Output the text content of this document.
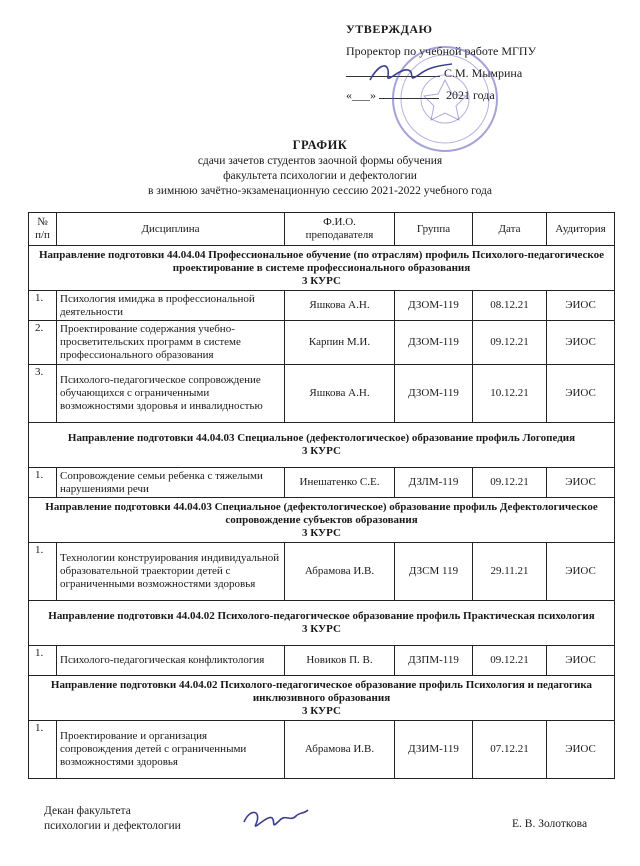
УТВЕРЖДАЮ
Проректор по учебной работе МГПУ
С.М. Мымрина
«___»	2021 года
ГРАФИК
сдачи зачетов студентов заочной формы обучения
факультета психологии и дефектологии
в зимнюю зачётно-экзаменационную сессию 2021-2022 учебного года
№ п/п	Дисциплина	Ф.И.О. преподавателя	Группа	Дата	Аудитория

Направление подготовки 44.04.04 Профессиональное обучение (по отраслям) профиль Психолого-педагогическое проектирование в системе профессионального образования
3 КУРС					

1.	Психология имиджа в профессиональной деятельности	Яшкова А.Н.	ДЗОМ-119	08.12.21	ЭИОС
2.	Проектирование содержания учебно-просветительских программ в системе профессионального образования	Карпин М.И.	ДЗОМ-119	09.12.21	ЭИОС
3.	Психолого-педагогическое сопровождение обучающихся с ограниченными возможностями здоровья и инвалидностью	Яшкова А.Н.	ДЗОМ-119	10.12.21	ЭИОС

Направление подготовки 44.04.03 Специальное (дефектологическое) образование профиль Логопедия
3 КУРС					

1.	Сопровождение семьи ребенка с тяжелыми нарушениями речи	Инешатенко С.Е.	ДЗЛМ-119	09.12.21	ЭИОС

Направление подготовки 44.04.03 Специальное (дефектологическое) образование профиль Дефектологическое сопровождение субъектов образования
3 КУРС					

1.	Технологии конструирования индивидуальной образовательной траектории детей с ограниченными возможностями здоровья	Абрамова И.В.	ДЗСМ 119	29.11.21	ЭИОС

Направление подготовки 44.04.02 Психолого-педагогическое образование профиль Практическая психология
3 КУРС					

1.	Психолого-педагогическая конфликтология	Новиков П. В.	ДЗПМ-119	09.12.21	ЭИОС

Направление подготовки 44.04.02 Психолого-педагогическое образование профиль Психология и педагогика инклюзивного образования
3 КУРС					

1.	Проектирование и организация сопровождения детей с ограниченными возможностями здоровья	Абрамова И.В.	ДЗИМ-119	07.12.21	ЭИОС
Декан факультета
психологии и дефектологии	Е. В. Золоткова
